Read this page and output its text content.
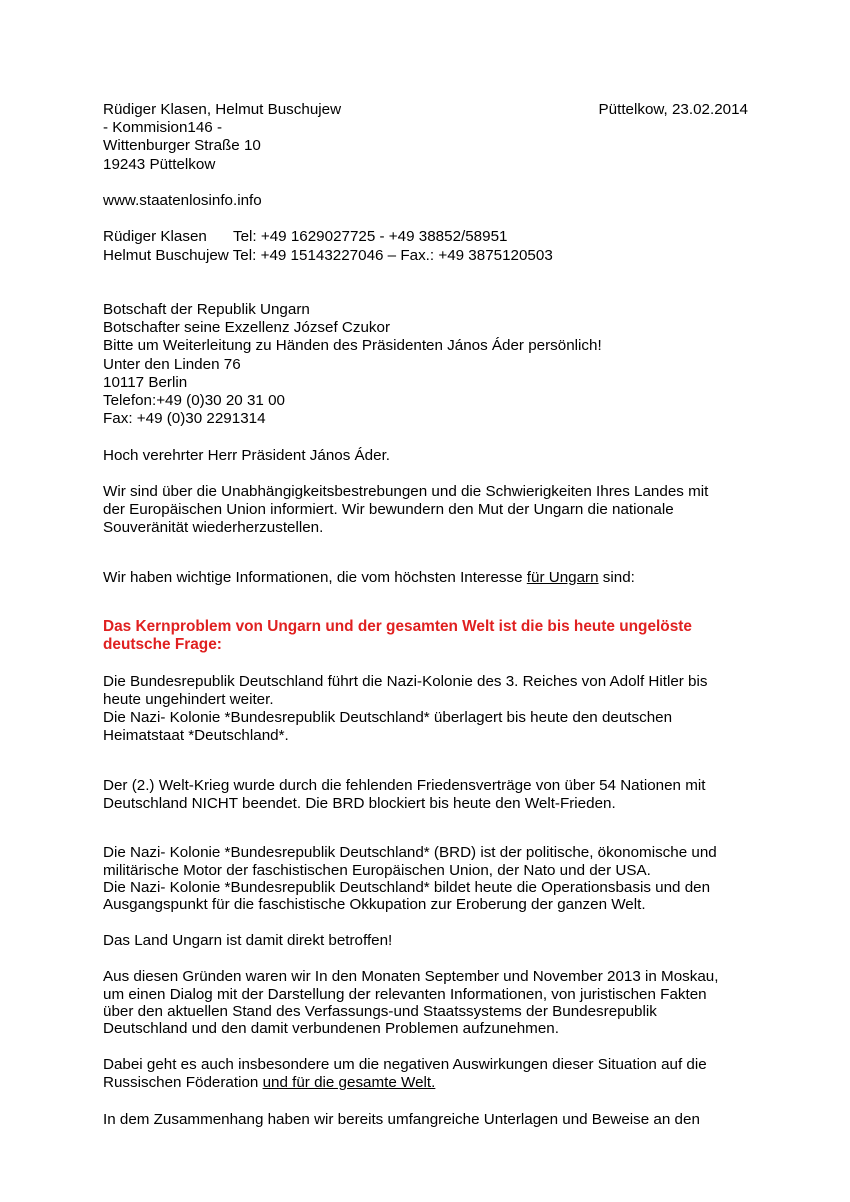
Rüdiger Klasen, Helmut Buschujew	Püttelkow, 23.02.2014
- Kommision146 -
Wittenburger Straße 10
19243 Püttelkow
www.staatenlosinfo.info
Rüdiger Klasen Tel: +49 1629027725 - +49 38852/58951
Helmut Buschujew Tel: +49 15143227046 – Fax.: +49 3875120503
Botschaft der Republik Ungarn
Botschafter seine Exzellenz József Czukor
Bitte um Weiterleitung zu Händen des Präsidenten János Áder persönlich!
Unter den Linden 76
10117 Berlin
Telefon:+49 (0)30 20 31 00
Fax: +49 (0)30 2291314
Hoch verehrter Herr Präsident János Áder.
Wir sind über die Unabhängigkeitsbestrebungen und die Schwierigkeiten Ihres Landes mit
der Europäischen Union informiert. Wir bewundern den Mut der Ungarn die nationale
Souveränität wiederherzustellen.
Wir haben wichtige Informationen, die vom höchsten Interesse für Ungarn sind:
Das Kernproblem von Ungarn und der gesamten Welt ist die bis heute ungelöste
deutsche Frage:
Die Bundesrepublik Deutschland führt die Nazi-Kolonie des 3. Reiches von Adolf Hitler bis
heute ungehindert weiter.
Die Nazi- Kolonie *Bundesrepublik Deutschland* überlagert bis heute den deutschen
Heimatstaat *Deutschland*.
Der (2.) Welt-Krieg wurde durch die fehlenden Friedensverträge von über 54 Nationen mit
Deutschland NICHT beendet. Die BRD blockiert bis heute den Welt-Frieden.
Die Nazi- Kolonie *Bundesrepublik Deutschland* (BRD) ist der politische, ökonomische und
militärische Motor der faschistischen Europäischen Union, der Nato und der USA.
Die Nazi- Kolonie *Bundesrepublik Deutschland* bildet heute die Operationsbasis und den
Ausgangspunkt für die faschistische Okkupation zur Eroberung der ganzen Welt.
Das Land Ungarn ist damit direkt betroffen!
Aus diesen Gründen waren wir In den Monaten September und November 2013 in Moskau,
um einen Dialog mit der Darstellung der relevanten Informationen, von juristischen Fakten
über den aktuellen Stand des Verfassungs-und Staatssystems der Bundesrepublik
Deutschland und den damit verbundenen Problemen aufzunehmen.
Dabei geht es auch insbesondere um die negativen Auswirkungen dieser Situation auf die
Russischen Föderation und für die gesamte Welt.
In dem Zusammenhang haben wir bereits umfangreiche Unterlagen und Beweise an den
